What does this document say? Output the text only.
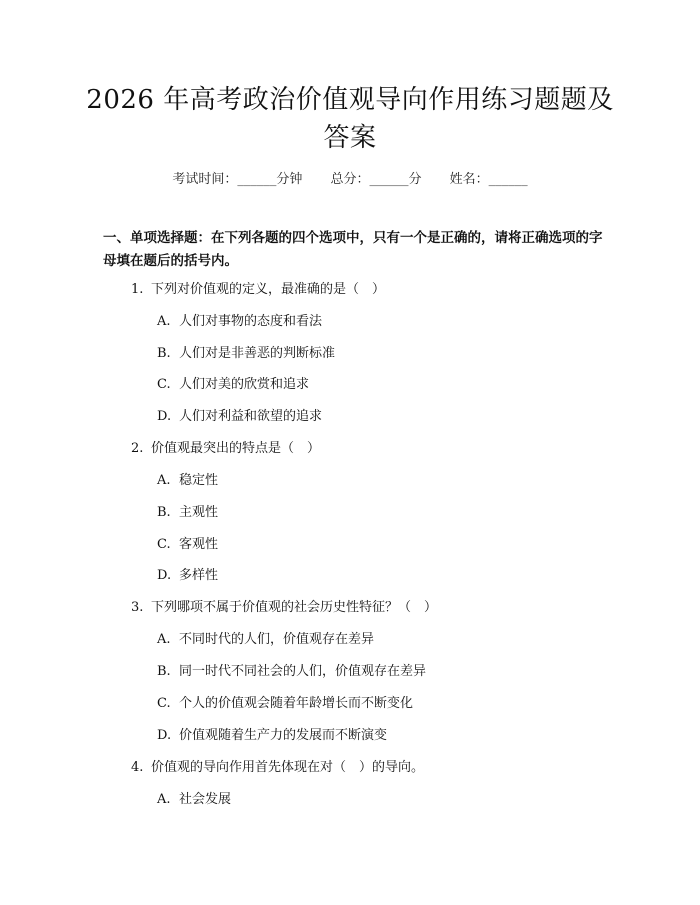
2026 年高考政治价值观导向作用练习题题及
答案
考试时间：______分钟 总分：______分 姓名：______
一、单项选择题：在下列各题的四个选项中，只有一个是正确的，请将正确选项的字母填在题后的括号内。
1. 下列对价值观的定义，最准确的是（　）
A. 人们对事物的态度和看法
B. 人们对是非善恶的判断标准
C. 人们对美的欣赏和追求
D. 人们对利益和欲望的追求
2. 价值观最突出的特点是（　）
A. 稳定性
B. 主观性
C. 客观性
D. 多样性
3. 下列哪项不属于价值观的社会历史性特征？（　）
A. 不同时代的人们，价值观存在差异
B. 同一时代不同社会的人们，价值观存在差异
C. 个人的价值观会随着年龄增长而不断变化
D. 价值观随着生产力的发展而不断演变
4. 价值观的导向作用首先体现在对（　）的导向。
A. 社会发展
